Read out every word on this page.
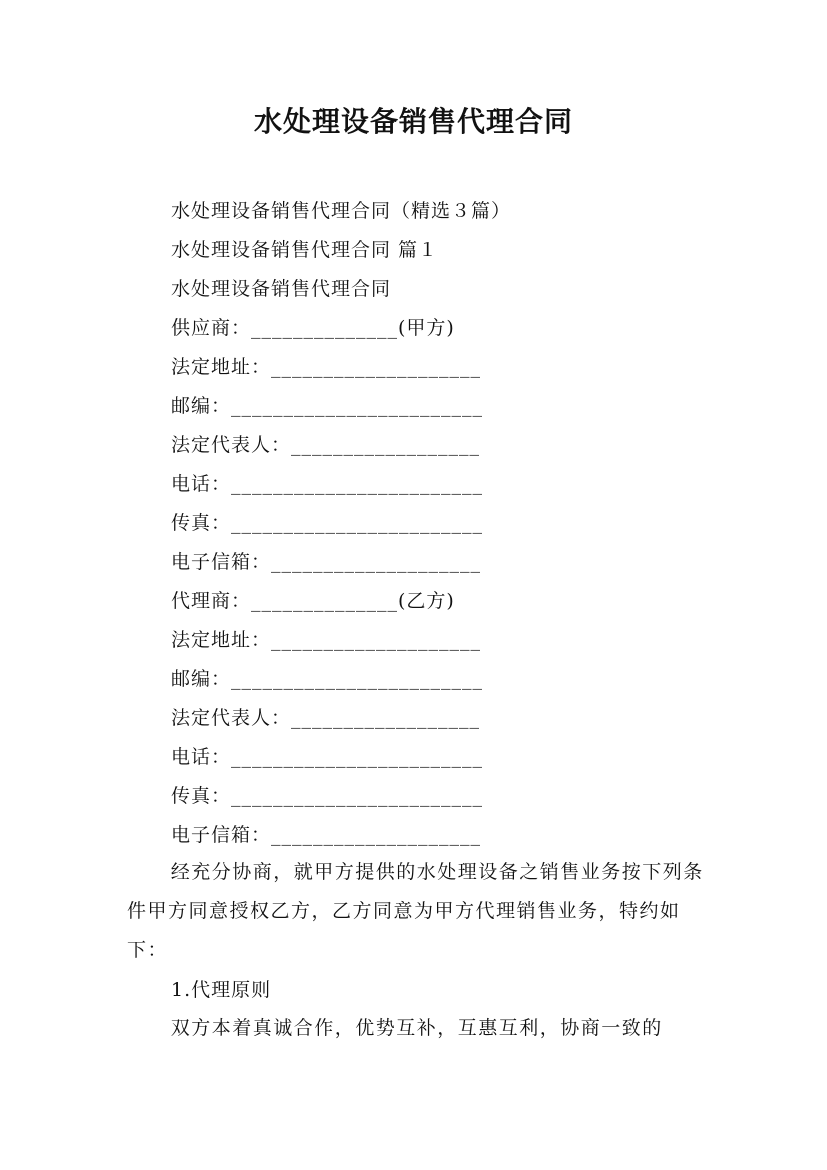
水处理设备销售代理合同
水处理设备销售代理合同（精选３篇）
水处理设备销售代理合同 篇１
水处理设备销售代理合同
供应商：______________(甲方)
法定地址：____________________
邮编：________________________
法定代表人：__________________
电话：________________________
传真：________________________
电子信箱：____________________
代理商：______________(乙方)
法定地址：____________________
邮编：________________________
法定代表人：__________________
电话：________________________
传真：________________________
电子信箱：____________________

经充分协商，就甲方提供的水处理设备之销售业务按下列条件甲方同意授权乙方，乙方同意为甲方代理销售业务，特约如下：

1.代理原则

双方本着真诚合作，优势互补，互惠互利，协商一致的
